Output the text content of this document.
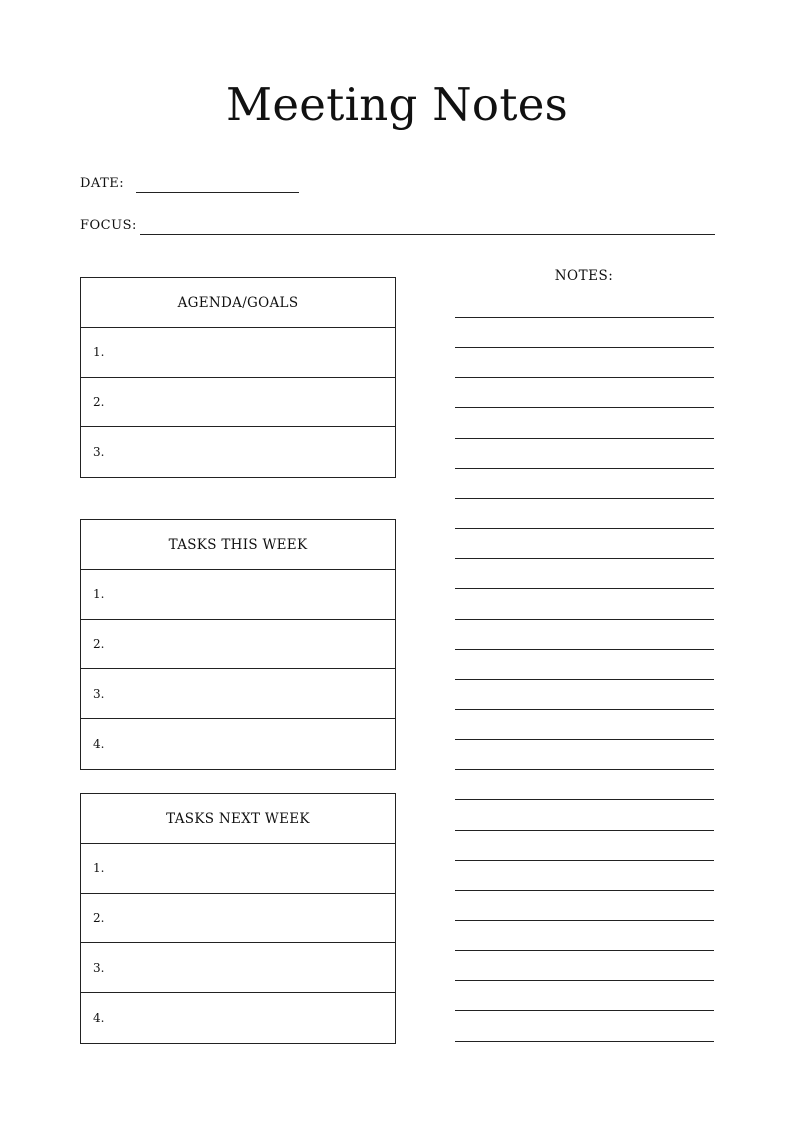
Meeting Notes
DATE:
FOCUS:
AGENDA/GOALS
1.
2.
3.
TASKS THIS WEEK
1.
2.
3.
4.
TASKS NEXT WEEK
1.
2.
3.
4.
NOTES:
